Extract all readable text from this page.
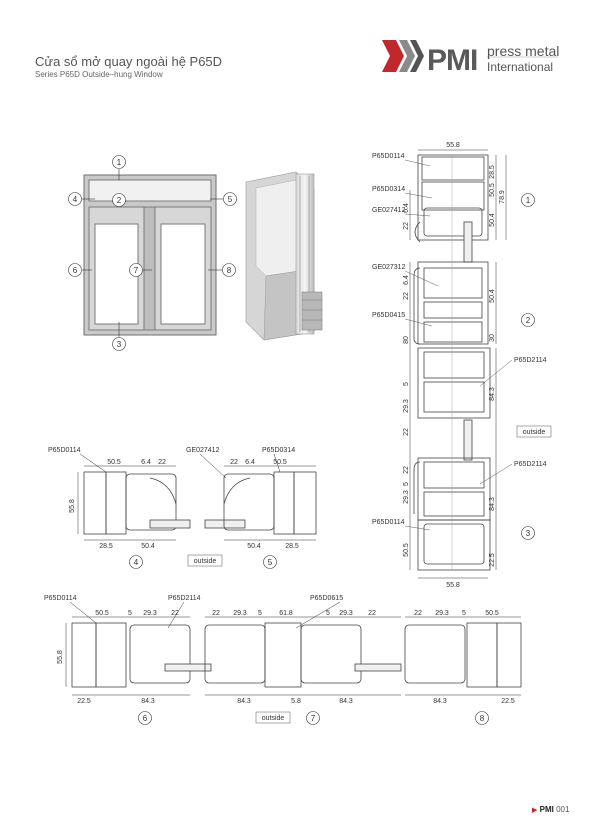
Cửa sổ mở quay ngoài hệ P65D
Series P65D Outside–hung Window	PMI press metal
International
1
2
3
4	5
6	7	8
P65D0114
P65D0314
GE027412
GE027312
P65D0415
P65D2114
P65D2114
P65D0114
55.8
55.8
28.5
50.5
78.9
50.4
50.4
30
84.3
84.3
22.5
6.4
22
6.4
22
80
5
29.3
22
22
5
29.3
50.5
outside
1
2
3
P65D0114	GE027412	P65D0314
50.5	6.4 22	22 6.4	50.5
55.8
28.5	50.4	50.4	28.5
outside
4	5
P65D0114	P65D2114	P65D0615
50.5	5 29.3 22	22 29.3 5 61.8	5 29.3 22	22 29.3 5	50.5
55.8
22.5	84.3	84.3	5.8	84.3	84.3	22.5
outside
6	7	8
▶ PMI 001
